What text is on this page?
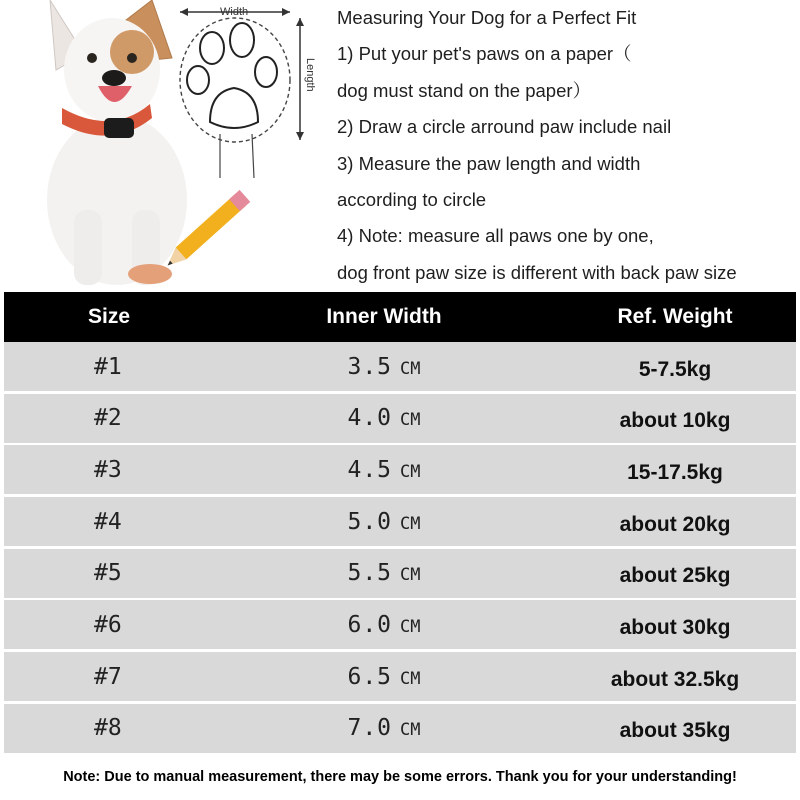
Width
Length
Measuring Your Dog for a Perfect Fit
1) Put your pet's paws on a paper（
dog must stand on the paper）
2) Draw a circle arround paw include nail
3) Measure the paw length and width
according to circle
4) Note: measure all paws one by one,
dog front paw size is different with back paw size
Size	Inner Width	Ref. Weight
#1	3.5 CM	5-7.5kg
#2	4.0 CM	about 10kg
#3	4.5 CM	15-17.5kg
#4	5.0 CM	about 20kg
#5	5.5 CM	about 25kg
#6	6.0 CM	about 30kg
#7	6.5 CM	about 32.5kg
#8	7.0 CM	about 35kg
Note: Due to manual measurement, there may be some errors. Thank you for your understanding!
